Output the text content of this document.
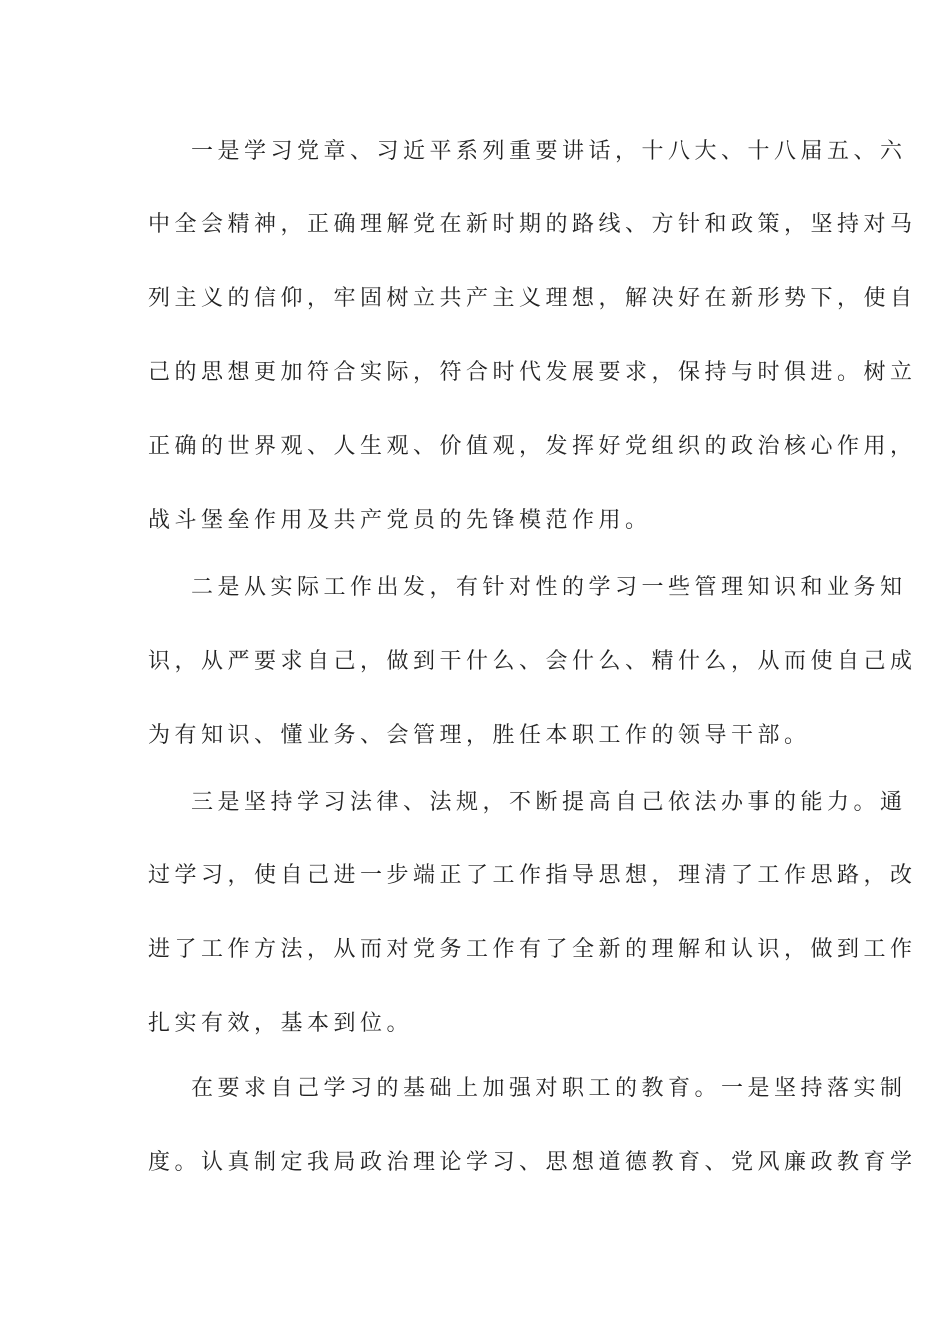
一是学习党章、习近平系列重要讲话，十八大、十八届五、六
中全会精神，正确理解党在新时期的路线、方针和政策，坚持对马
列主义的信仰，牢固树立共产主义理想，解决好在新形势下，使自
己的思想更加符合实际，符合时代发展要求，保持与时俱进。树立
正确的世界观、人生观、价值观，发挥好党组织的政治核心作用，
战斗堡垒作用及共产党员的先锋模范作用。
二是从实际工作出发，有针对性的学习一些管理知识和业务知
识，从严要求自己，做到干什么、会什么、精什么，从而使自己成
为有知识、懂业务、会管理，胜任本职工作的领导干部。
三是坚持学习法律、法规，不断提高自己依法办事的能力。通
过学习，使自己进一步端正了工作指导思想，理清了工作思路，改
进了工作方法，从而对党务工作有了全新的理解和认识，做到工作
扎实有效，基本到位。
在要求自己学习的基础上加强对职工的教育。一是坚持落实制
度。认真制定我局政治理论学习、思想道德教育、党风廉政教育学
